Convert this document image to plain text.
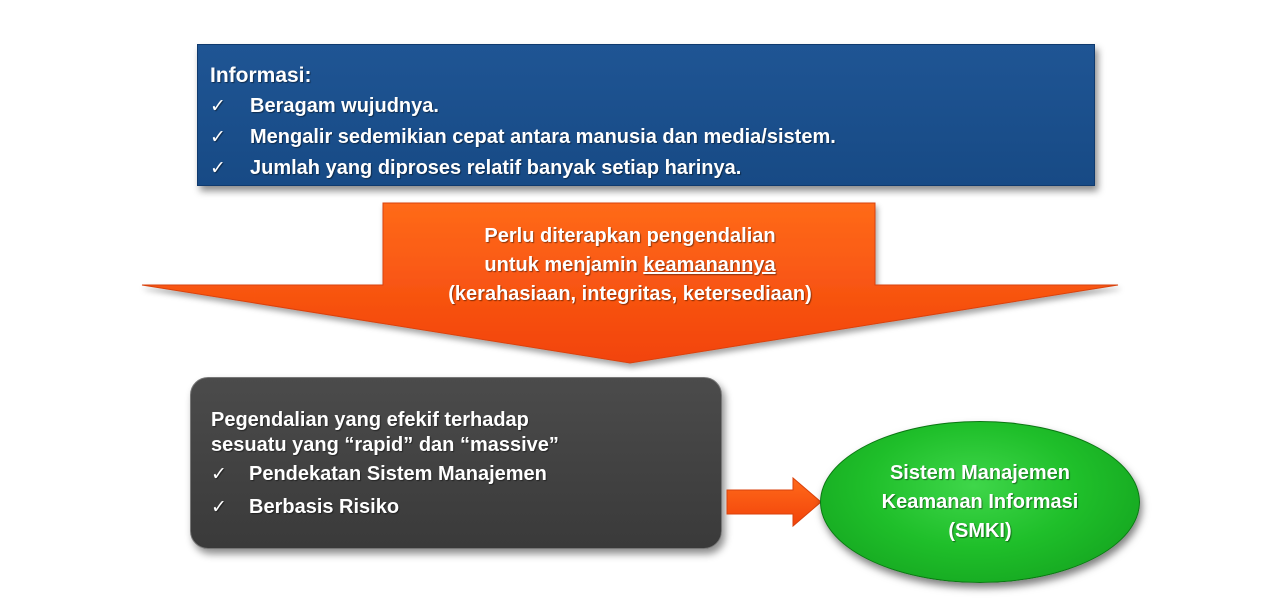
Informasi:
✓	Beragam wujudnya.
✓	Mengalir sedemikian cepat antara manusia dan media/sistem.
✓	Jumlah yang diproses relatif banyak setiap harinya.
Perlu diterapkan pengendalian
untuk menjamin keamanannya
(kerahasiaan, integritas, ketersediaan)
Pegendalian yang efekif terhadap
sesuatu yang “rapid” dan “massive”
✓	Pendekatan Sistem Manajemen
✓	Berbasis Risiko
Sistem Manajemen
Keamanan Informasi
(SMKI)
